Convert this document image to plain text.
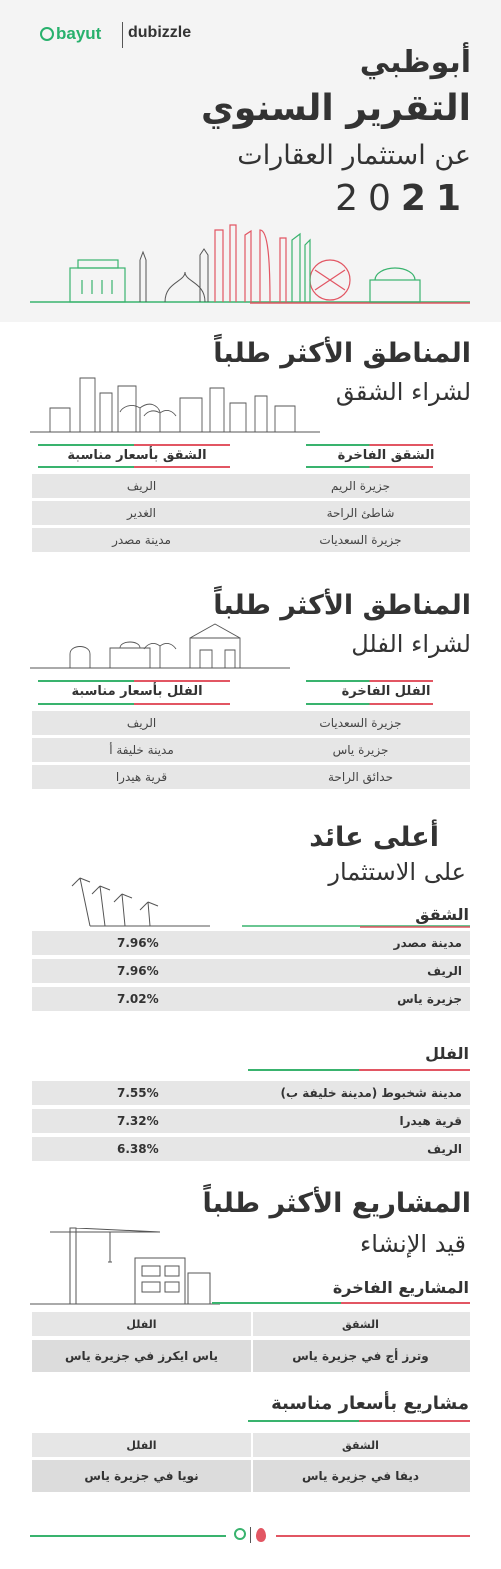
bayut dubizzle
أبوظبي
التقرير السنوي
عن استثمار العقارات
2021
المناطق الأكثر طلباً
لشراء الشقق
الشقق الفاخرة
الشقق بأسعار مناسبة
جزيرة الريم
الريف
شاطئ الراحة
الغدير
جزيرة السعديات
مدينة مصدر
المناطق الأكثر طلباً
لشراء الفلل
الفلل الفاخرة
الفلل بأسعار مناسبة
جزيرة السعديات
الريف
جزيرة ياس
مدينة خليفة أ
حدائق الراحة
قرية هيدرا
أعلى عائد
على الاستثمار
الشقق
مدينة مصدر
7.96%
الريف
7.96%
جزيرة ياس
7.02%
الفلل
مدينة شخبوط (مدينة خليفة ب)
7.55%
قرية هيدرا
7.32%
الريف
6.38%
المشاريع الأكثر طلباً
قيد الإنشاء
المشاريع الفاخرة
الشقق
الفلل
وترز أج في جزيرة ياس
ياس ايكرز في جزيرة ياس
مشاريع بأسعار مناسبة
الشقق
الفلل
ديفا في جزيرة ياس
نويا في جزيرة ياس
